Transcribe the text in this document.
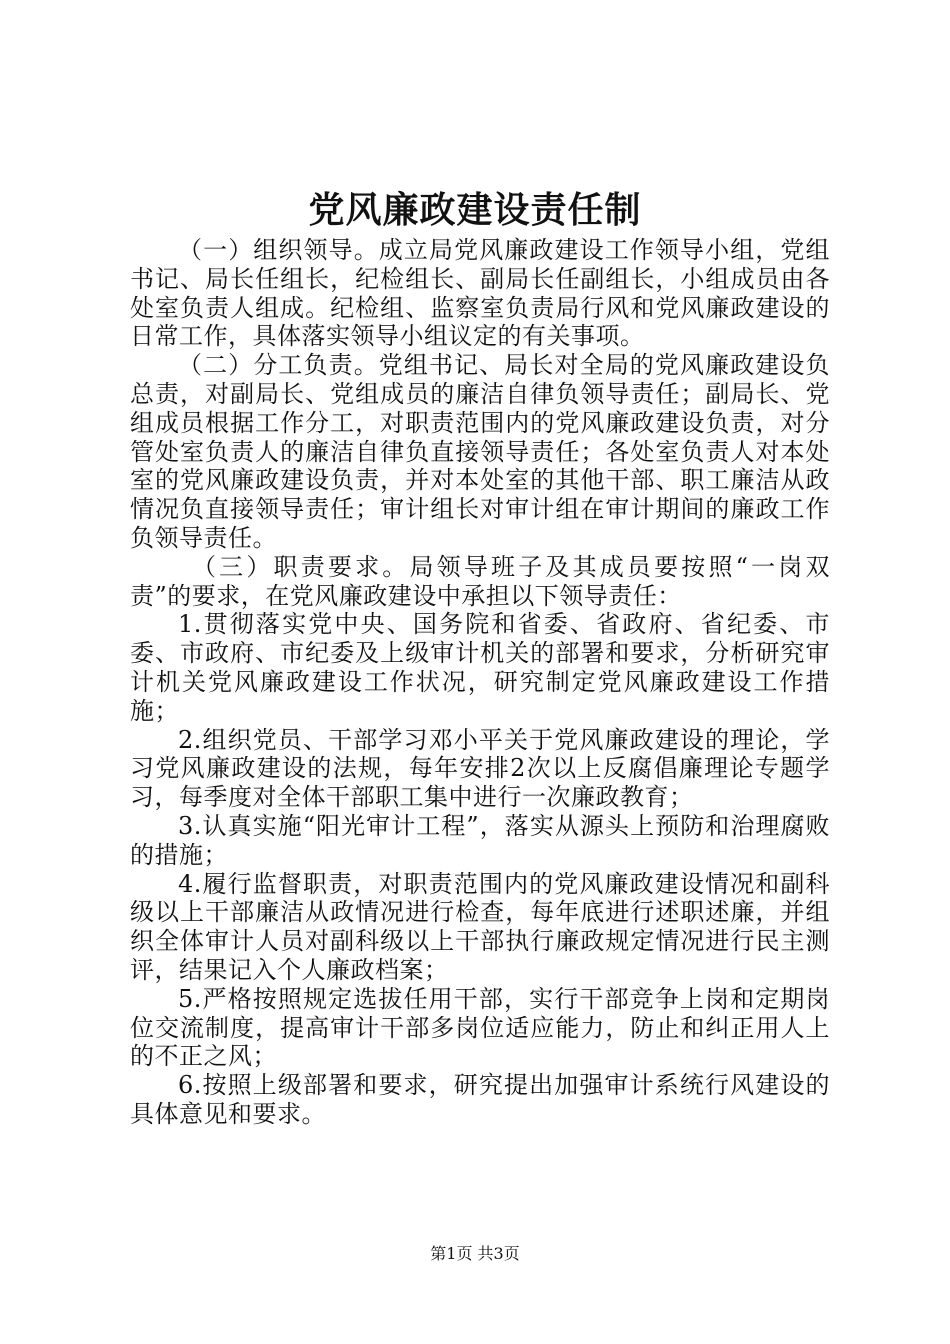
党风廉政建设责任制

（一）组织领导。成立局党风廉政建设工作领导小组，党组书记、局长任组长，纪检组长、副局长任副组长，小组成员由各处室负责人组成。纪检组、监察室负责局行风和党风廉政建设的日常工作，具体落实领导小组议定的有关事项。

（二）分工负责。党组书记、局长对全局的党风廉政建设负总责，对副局长、党组成员的廉洁自律负领导责任；副局长、党组成员根据工作分工，对职责范围内的党风廉政建设负责，对分管处室负责人的廉洁自律负直接领导责任；各处室负责人对本处室的党风廉政建设负责，并对本处室的其他干部、职工廉洁从政情况负直接领导责任；审计组长对审计组在审计期间的廉政工作负领导责任。

（三）职责要求。局领导班子及其成员要按照“一岗双责”的要求，在党风廉政建设中承担以下领导责任：

1.贯彻落实党中央、国务院和省委、省政府、省纪委、市委、市政府、市纪委及上级审计机关的部署和要求，分析研究审计机关党风廉政建设工作状况，研究制定党风廉政建设工作措施；

2.组织党员、干部学习邓小平关于党风廉政建设的理论，学习党风廉政建设的法规，每年安排2次以上反腐倡廉理论专题学习，每季度对全体干部职工集中进行一次廉政教育；

3.认真实施“阳光审计工程”，落实从源头上预防和治理腐败的措施；

4.履行监督职责，对职责范围内的党风廉政建设情况和副科级以上干部廉洁从政情况进行检查，每年底进行述职述廉，并组织全体审计人员对副科级以上干部执行廉政规定情况进行民主测评，结果记入个人廉政档案；

5.严格按照规定选拔任用干部，实行干部竞争上岗和定期岗位交流制度，提高审计干部多岗位适应能力，防止和纠正用人上的不正之风；

6.按照上级部署和要求，研究提出加强审计系统行风建设的具体意见和要求。

第1页 共3页
